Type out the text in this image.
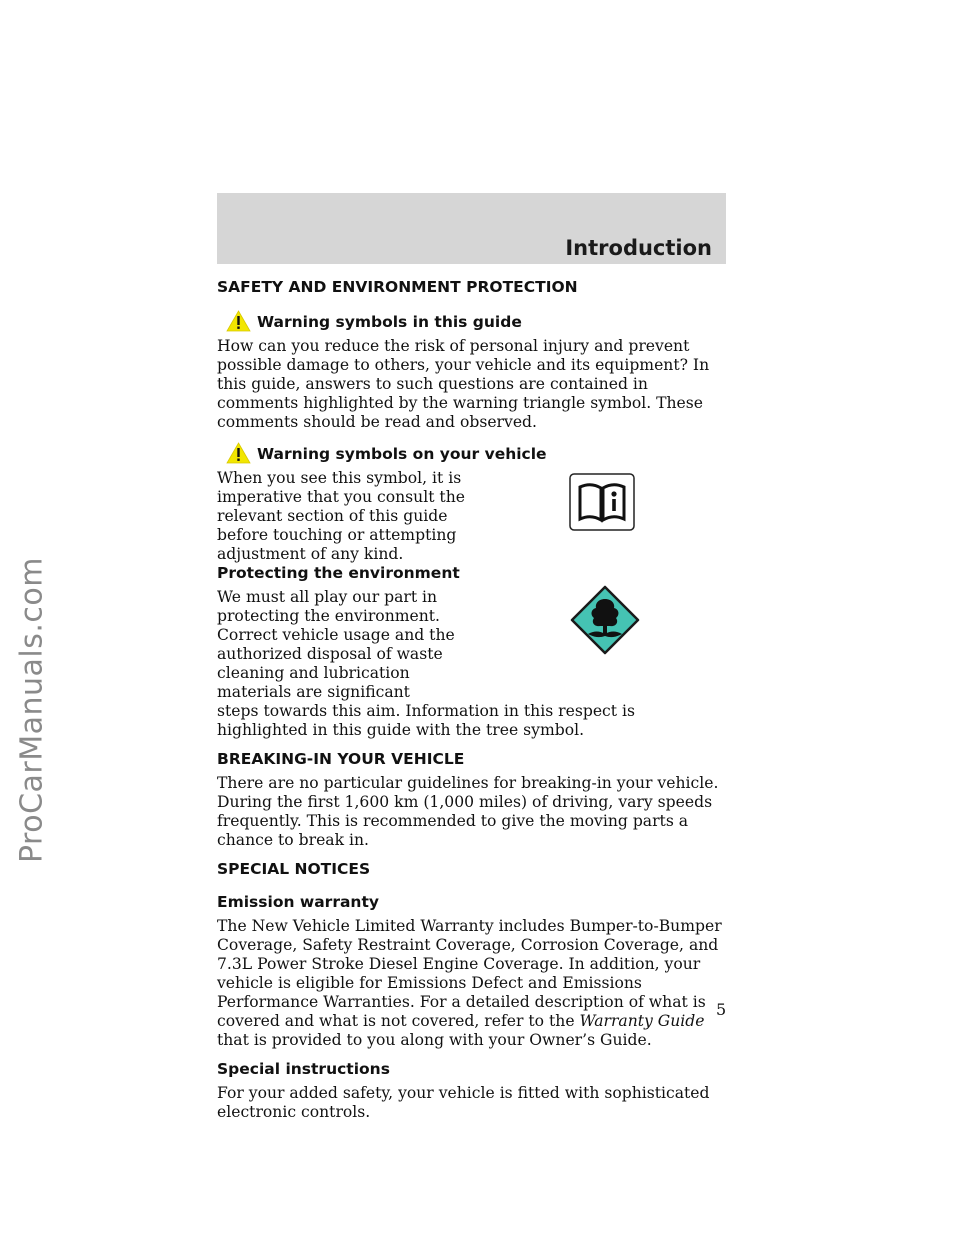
ProCarManuals.com
Introduction
SAFETY AND ENVIRONMENT PROTECTION
Warning symbols in this guide

How can you reduce the risk of personal injury and prevent possible damage to others, your vehicle and its equipment? In this guide, answers to such questions are contained in comments highlighted by the warning triangle symbol. These comments should be read and observed.

Warning symbols on your vehicle

When you see this symbol, it is imperative that you consult the relevant section of this guide before touching or attempting adjustment of any kind.

Protecting the environment

We must all play our part in protecting the environment. Correct vehicle usage and the authorized disposal of waste cleaning and lubrication materials are significant

steps towards this aim. Information in this respect is highlighted in this guide with the tree symbol.

BREAKING-IN YOUR VEHICLE

There are no particular guidelines for breaking-in your vehicle. During the first 1,600 km (1,000 miles) of driving, vary speeds frequently. This is recommended to give the moving parts a chance to break in.

SPECIAL NOTICES
Emission warranty

The New Vehicle Limited Warranty includes Bumper-to-Bumper Coverage, Safety Restraint Coverage, Corrosion Coverage, and 7.3L Power Stroke Diesel Engine Coverage. In addition, your vehicle is eligible for Emissions Defect and Emissions Performance Warranties. For a detailed description of what is covered and what is not covered, refer to the Warranty Guide that is provided to you along with your Owner’s Guide.

Special instructions

For your added safety, your vehicle is fitted with sophisticated electronic controls.

5
